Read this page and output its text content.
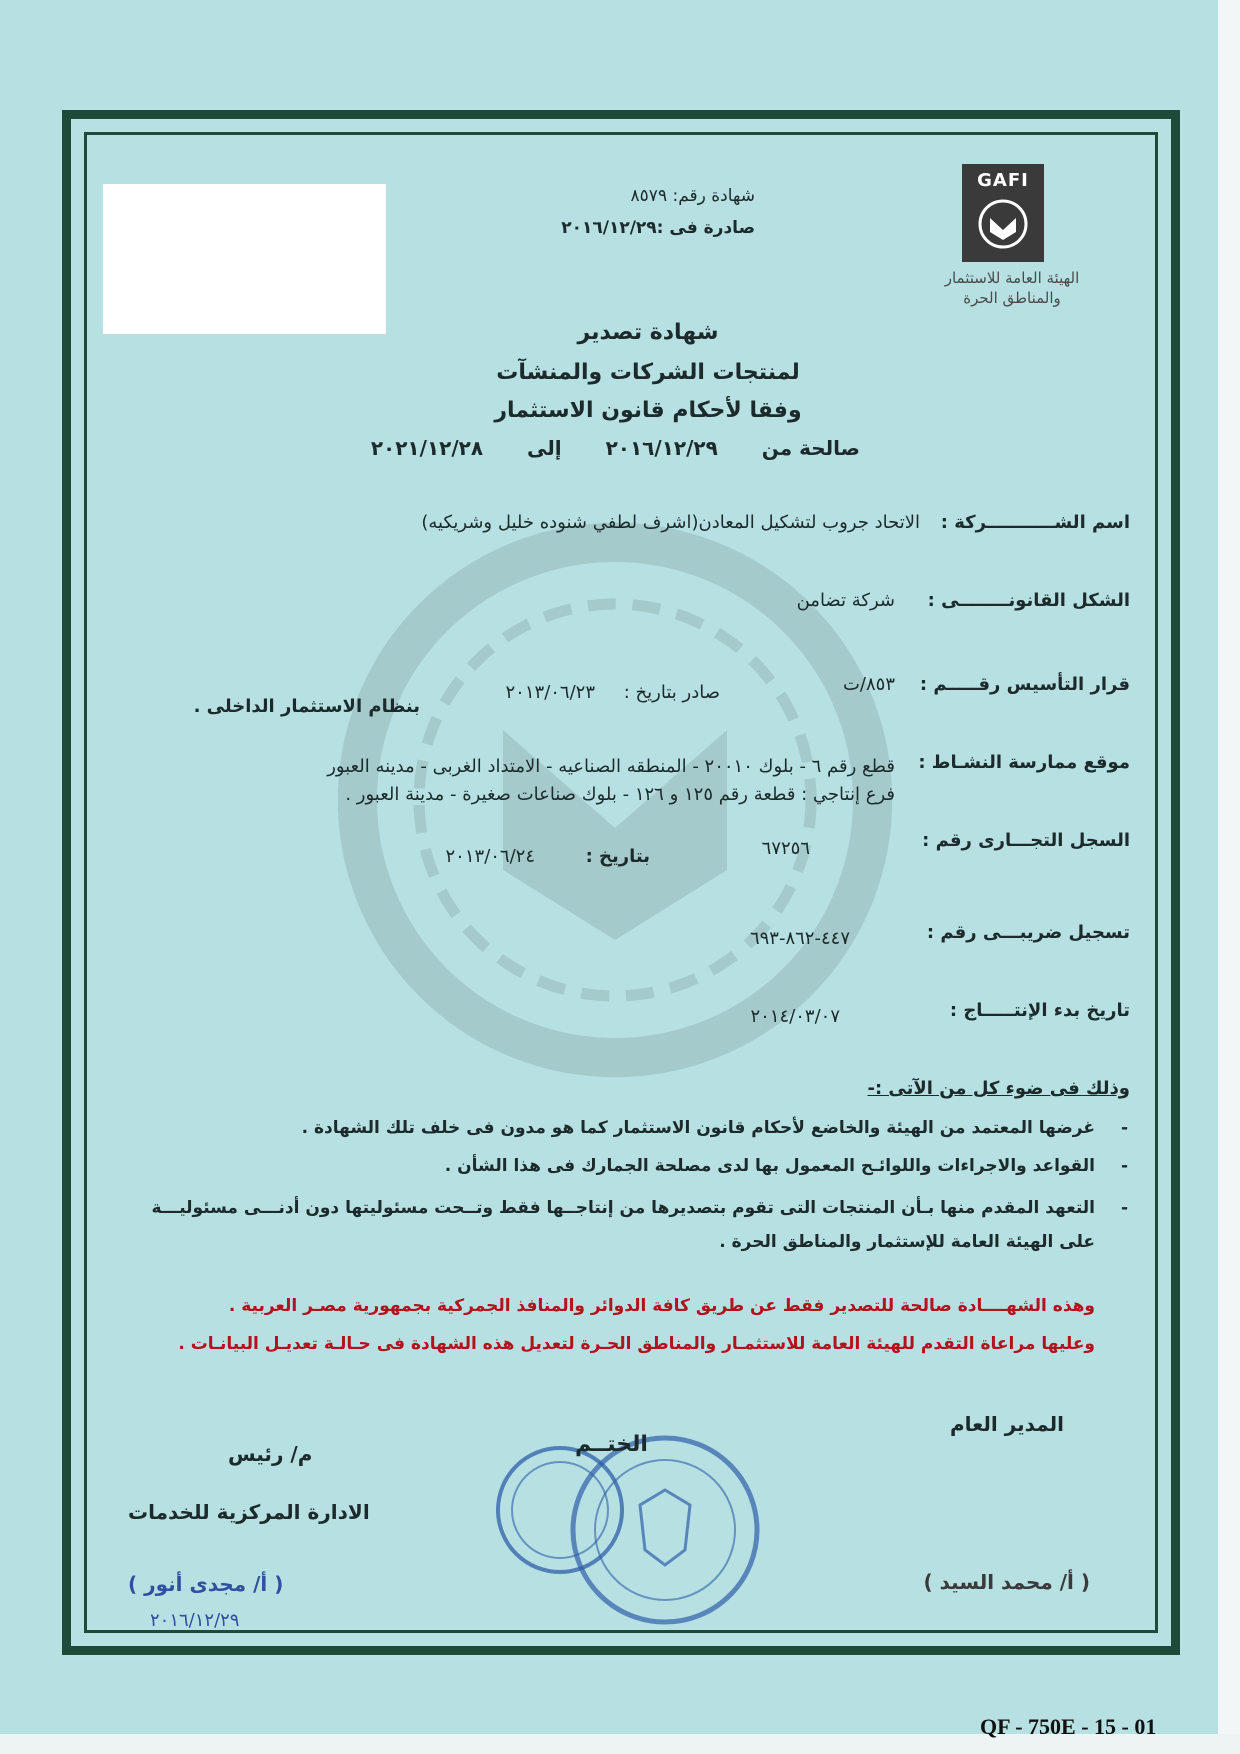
GAFI
الهيئة العامة للاستثمار
والمناطق الحرة
شهادة رقم: ٨٥٧٩
صادرة فى :٢٠١٦/١٢/٢٩
شهادة تصدير
لمنتجات الشركات والمنشآت
وفقا لأحكام قانون الاستثمار
صالحة من  ٢٠١٦/١٢/٢٩  إلى  ٢٠٢١/١٢/٢٨
اسم الشـــــــــــركة :
الاتحاد جروب لتشكيل المعادن(اشرف لطفي شنوده خليل وشريكيه)
الشكل القانونــــــــى :
شركة تضامن
قرار التأسيس رقـــــم :
٨٥٣/ت
صادر بتاريخ :
٢٠١٣/٠٦/٢٣
بنظام الاستثمار الداخلى .
موقع ممارسة النشـاط :
قطع رقم ٦ - بلوك ٢٠٠١٠ - المنطقه الصناعيه - الامتداد الغربى - مدينه العبور
فرع إنتاجي : قطعة رقم ١٢٥ و ١٢٦ - بلوك صناعات صغيرة - مدينة العبور .
السجل التجـــارى رقم :
٦٧٢٥٦
بتاريخ :
٢٠١٣/٠٦/٢٤
تسجيل ضريبـــى رقم :
٤٤٧-٨٦٢-٦٩٣
تاريخ بدء الإنتـــــاج :
٢٠١٤/٠٣/٠٧
وذلك فى ضوء كل من الآتى :-
-
غرضها المعتمد من الهيئة والخاضع لأحكام قانون الاستثمار كما هو مدون فى خلف تلك الشهادة .
-
القواعد والاجراءات واللوائـح المعمول بها لدى مصلحة الجمارك فى هذا الشأن .
-
التعهد المقدم منها بـأن المنتجات التى تقوم بتصديرها من إنتاجــها فقط وتــحت مسئوليتها دون أدنـــى مسئوليـــة
على الهيئة العامة للإستثمار والمناطق الحرة .
وهذه الشهــــادة صالحة للتصدير فقط عن طريق كافة الدوائر والمنافذ الجمركية بجمهورية مصـر العربية .
وعليها مراعاة التقدم للهيئة العامة للاستثمـار والمناطق الحـرة لتعديل هذه الشهادة فى حـالـة تعديـل البيانـات .
المدير العام
( أ/ محمد السيد )
الختــم
م/ رئيس
الادارة المركزية للخدمات
( أ/ مجدى أنور )
٢٠١٦/١٢/٢٩
QF - 750E - 15 - 01
